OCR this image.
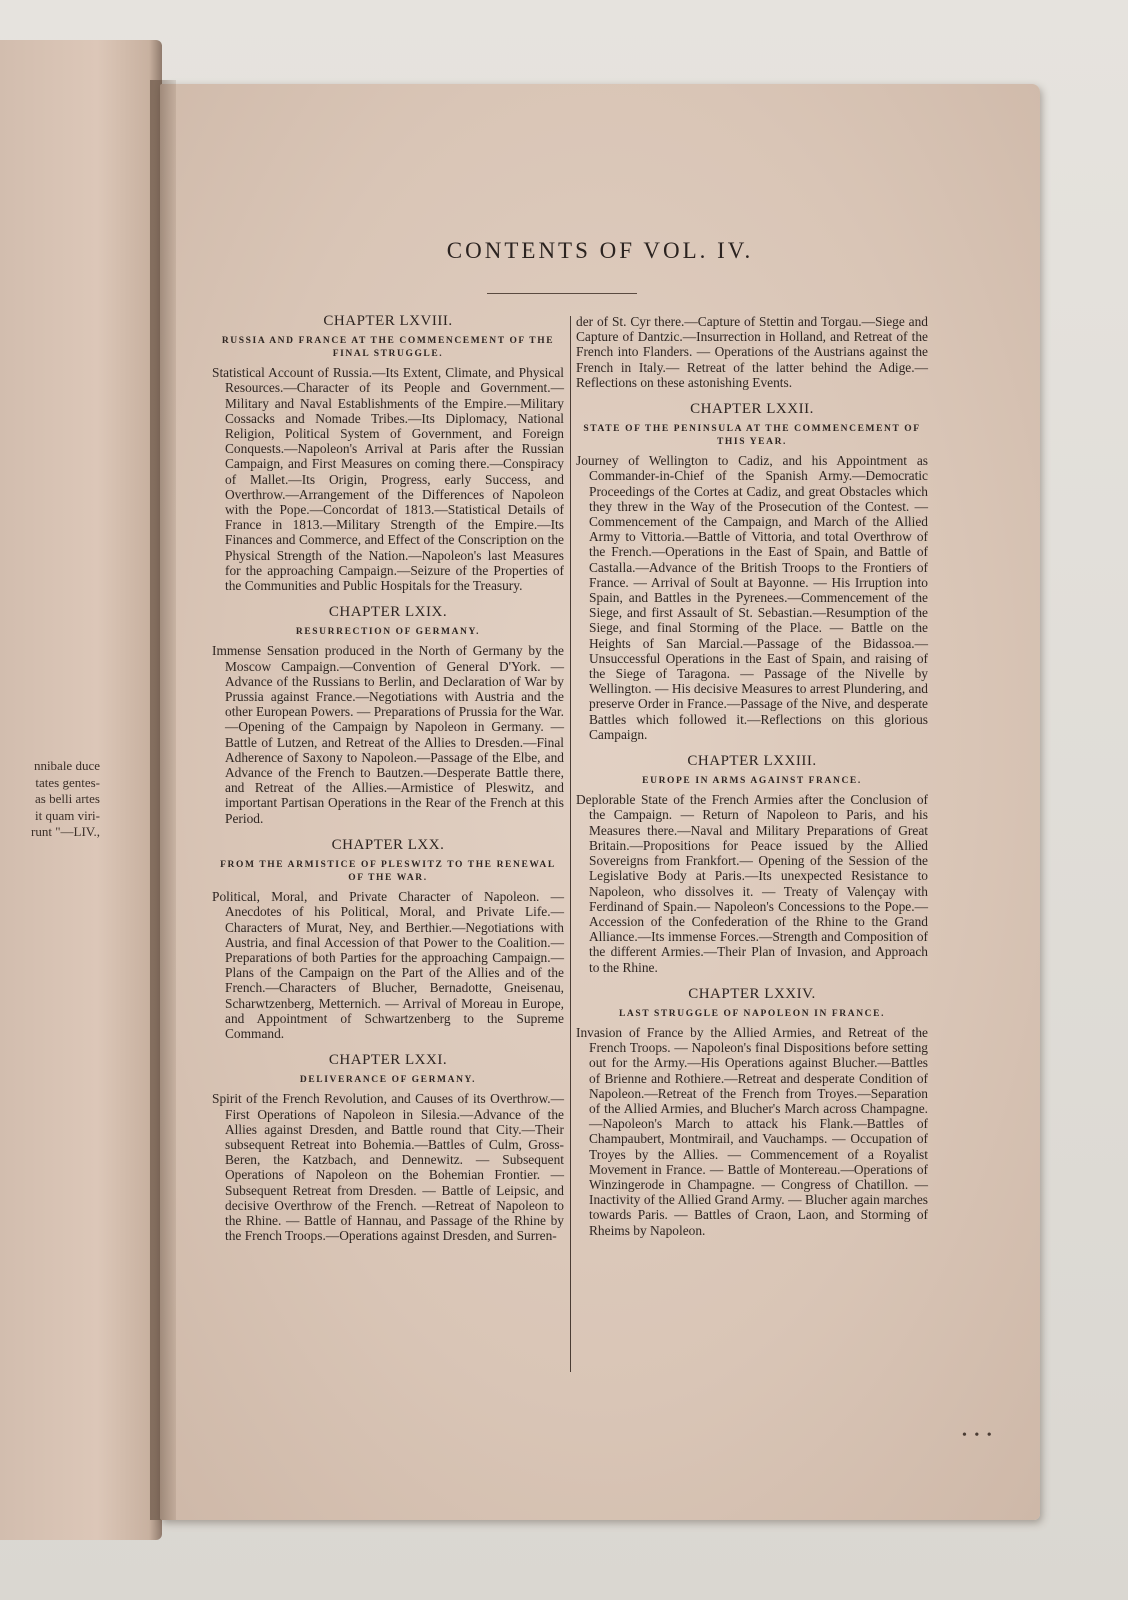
nnibale duce
tates gentes-
as belli artes
it quam viri-
runt "—LIV.,
CONTENTS OF VOL. IV.
CHAPTER LXVIII.
RUSSIA AND FRANCE AT THE COMMENCEMENT OF THE FINAL STRUGGLE.
Statistical Account of Russia.—Its Extent, Climate, and Physical Resources.—Character of its People and Government.—Military and Naval Establishments of the Empire.—Military Cossacks and Nomade Tribes.—Its Diplomacy, National Religion, Political System of Government, and Foreign Conquests.—Napoleon's Arrival at Paris after the Russian Campaign, and First Measures on coming there.—Conspiracy of Mallet.—Its Origin, Progress, early Success, and Overthrow.—Arrangement of the Differences of Napoleon with the Pope.—Concordat of 1813.—Statistical Details of France in 1813.—Military Strength of the Empire.—Its Finances and Commerce, and Effect of the Conscription on the Physical Strength of the Nation.—Napoleon's last Measures for the approaching Campaign.—Seizure of the Properties of the Communities and Public Hospitals for the Treasury.
CHAPTER LXIX.
RESURRECTION OF GERMANY.
Immense Sensation produced in the North of Germany by the Moscow Campaign.—Convention of General D'York. — Advance of the Russians to Berlin, and Declaration of War by Prussia against France.—Negotiations with Austria and the other European Powers. — Preparations of Prussia for the War.—Opening of the Campaign by Napoleon in Germany. — Battle of Lutzen, and Retreat of the Allies to Dresden.—Final Adherence of Saxony to Napoleon.—Passage of the Elbe, and Advance of the French to Bautzen.—Desperate Battle there, and Retreat of the Allies.—Armistice of Pleswitz, and important Partisan Operations in the Rear of the French at this Period.
CHAPTER LXX.
FROM THE ARMISTICE OF PLESWITZ TO THE RENEWAL OF THE WAR.
Political, Moral, and Private Character of Napoleon. —Anecdotes of his Political, Moral, and Private Life.—Characters of Murat, Ney, and Berthier.—Negotiations with Austria, and final Accession of that Power to the Coalition.—Preparations of both Parties for the approaching Campaign.—Plans of the Campaign on the Part of the Allies and of the French.—Characters of Blucher, Bernadotte, Gneisenau, Scharwtzenberg, Metternich. — Arrival of Moreau in Europe, and Appointment of Schwartzenberg to the Supreme Command.
CHAPTER LXXI.
DELIVERANCE OF GERMANY.
Spirit of the French Revolution, and Causes of its Overthrow.—First Operations of Napoleon in Silesia.—Advance of the Allies against Dresden, and Battle round that City.—Their subsequent Retreat into Bohemia.—Battles of Culm, Gross-Beren, the Katzbach, and Dennewitz. — Subsequent Operations of Napoleon on the Bohemian Frontier. — Subsequent Retreat from Dresden. — Battle of Leipsic, and decisive Overthrow of the French. —Retreat of Napoleon to the Rhine. — Battle of Hannau, and Passage of the Rhine by the French Troops.—Operations against Dresden, and Surren-
der of St. Cyr there.—Capture of Stettin and Torgau.—Siege and Capture of Dantzic.—Insurrection in Holland, and Retreat of the French into Flanders. — Operations of the Austrians against the French in Italy.— Retreat of the latter behind the Adige.—Reflections on these astonishing Events.
CHAPTER LXXII.
STATE OF THE PENINSULA AT THE COMMENCEMENT OF THIS YEAR.
Journey of Wellington to Cadiz, and his Appointment as Commander-in-Chief of the Spanish Army.—Democratic Proceedings of the Cortes at Cadiz, and great Obstacles which they threw in the Way of the Prosecution of the Contest. — Commencement of the Campaign, and March of the Allied Army to Vittoria.—Battle of Vittoria, and total Overthrow of the French.—Operations in the East of Spain, and Battle of Castalla.—Advance of the British Troops to the Frontiers of France. — Arrival of Soult at Bayonne. — His Irruption into Spain, and Battles in the Pyrenees.—Commencement of the Siege, and first Assault of St. Sebastian.—Resumption of the Siege, and final Storming of the Place. — Battle on the Heights of San Marcial.—Passage of the Bidassoa.—Unsuccessful Operations in the East of Spain, and raising of the Siege of Taragona. — Passage of the Nivelle by Wellington. — His decisive Measures to arrest Plundering, and preserve Order in France.—Passage of the Nive, and desperate Battles which followed it.—Reflections on this glorious Campaign.
CHAPTER LXXIII.
EUROPE IN ARMS AGAINST FRANCE.
Deplorable State of the French Armies after the Conclusion of the Campaign. — Return of Napoleon to Paris, and his Measures there.—Naval and Military Preparations of Great Britain.—Propositions for Peace issued by the Allied Sovereigns from Frankfort.— Opening of the Session of the Legislative Body at Paris.—Its unexpected Resistance to Napoleon, who dissolves it. — Treaty of Valençay with Ferdinand of Spain.— Napoleon's Concessions to the Pope.—Accession of the Confederation of the Rhine to the Grand Alliance.—Its immense Forces.—Strength and Composition of the different Armies.—Their Plan of Invasion, and Approach to the Rhine.
CHAPTER LXXIV.
LAST STRUGGLE OF NAPOLEON IN FRANCE.
Invasion of France by the Allied Armies, and Retreat of the French Troops. — Napoleon's final Dispositions before setting out for the Army.—His Operations against Blucher.—Battles of Brienne and Rothiere.—Retreat and desperate Condition of Napoleon.—Retreat of the French from Troyes.—Separation of the Allied Armies, and Blucher's March across Champagne.—Napoleon's March to attack his Flank.—Battles of Champaubert, Montmirail, and Vauchamps. — Occupation of Troyes by the Allies. — Commencement of a Royalist Movement in France. — Battle of Montereau.—Operations of Winzingerode in Champagne. — Congress of Chatillon. —Inactivity of the Allied Grand Army. — Blucher again marches towards Paris. — Battles of Craon, Laon, and Storming of Rheims by Napoleon.
• • •
